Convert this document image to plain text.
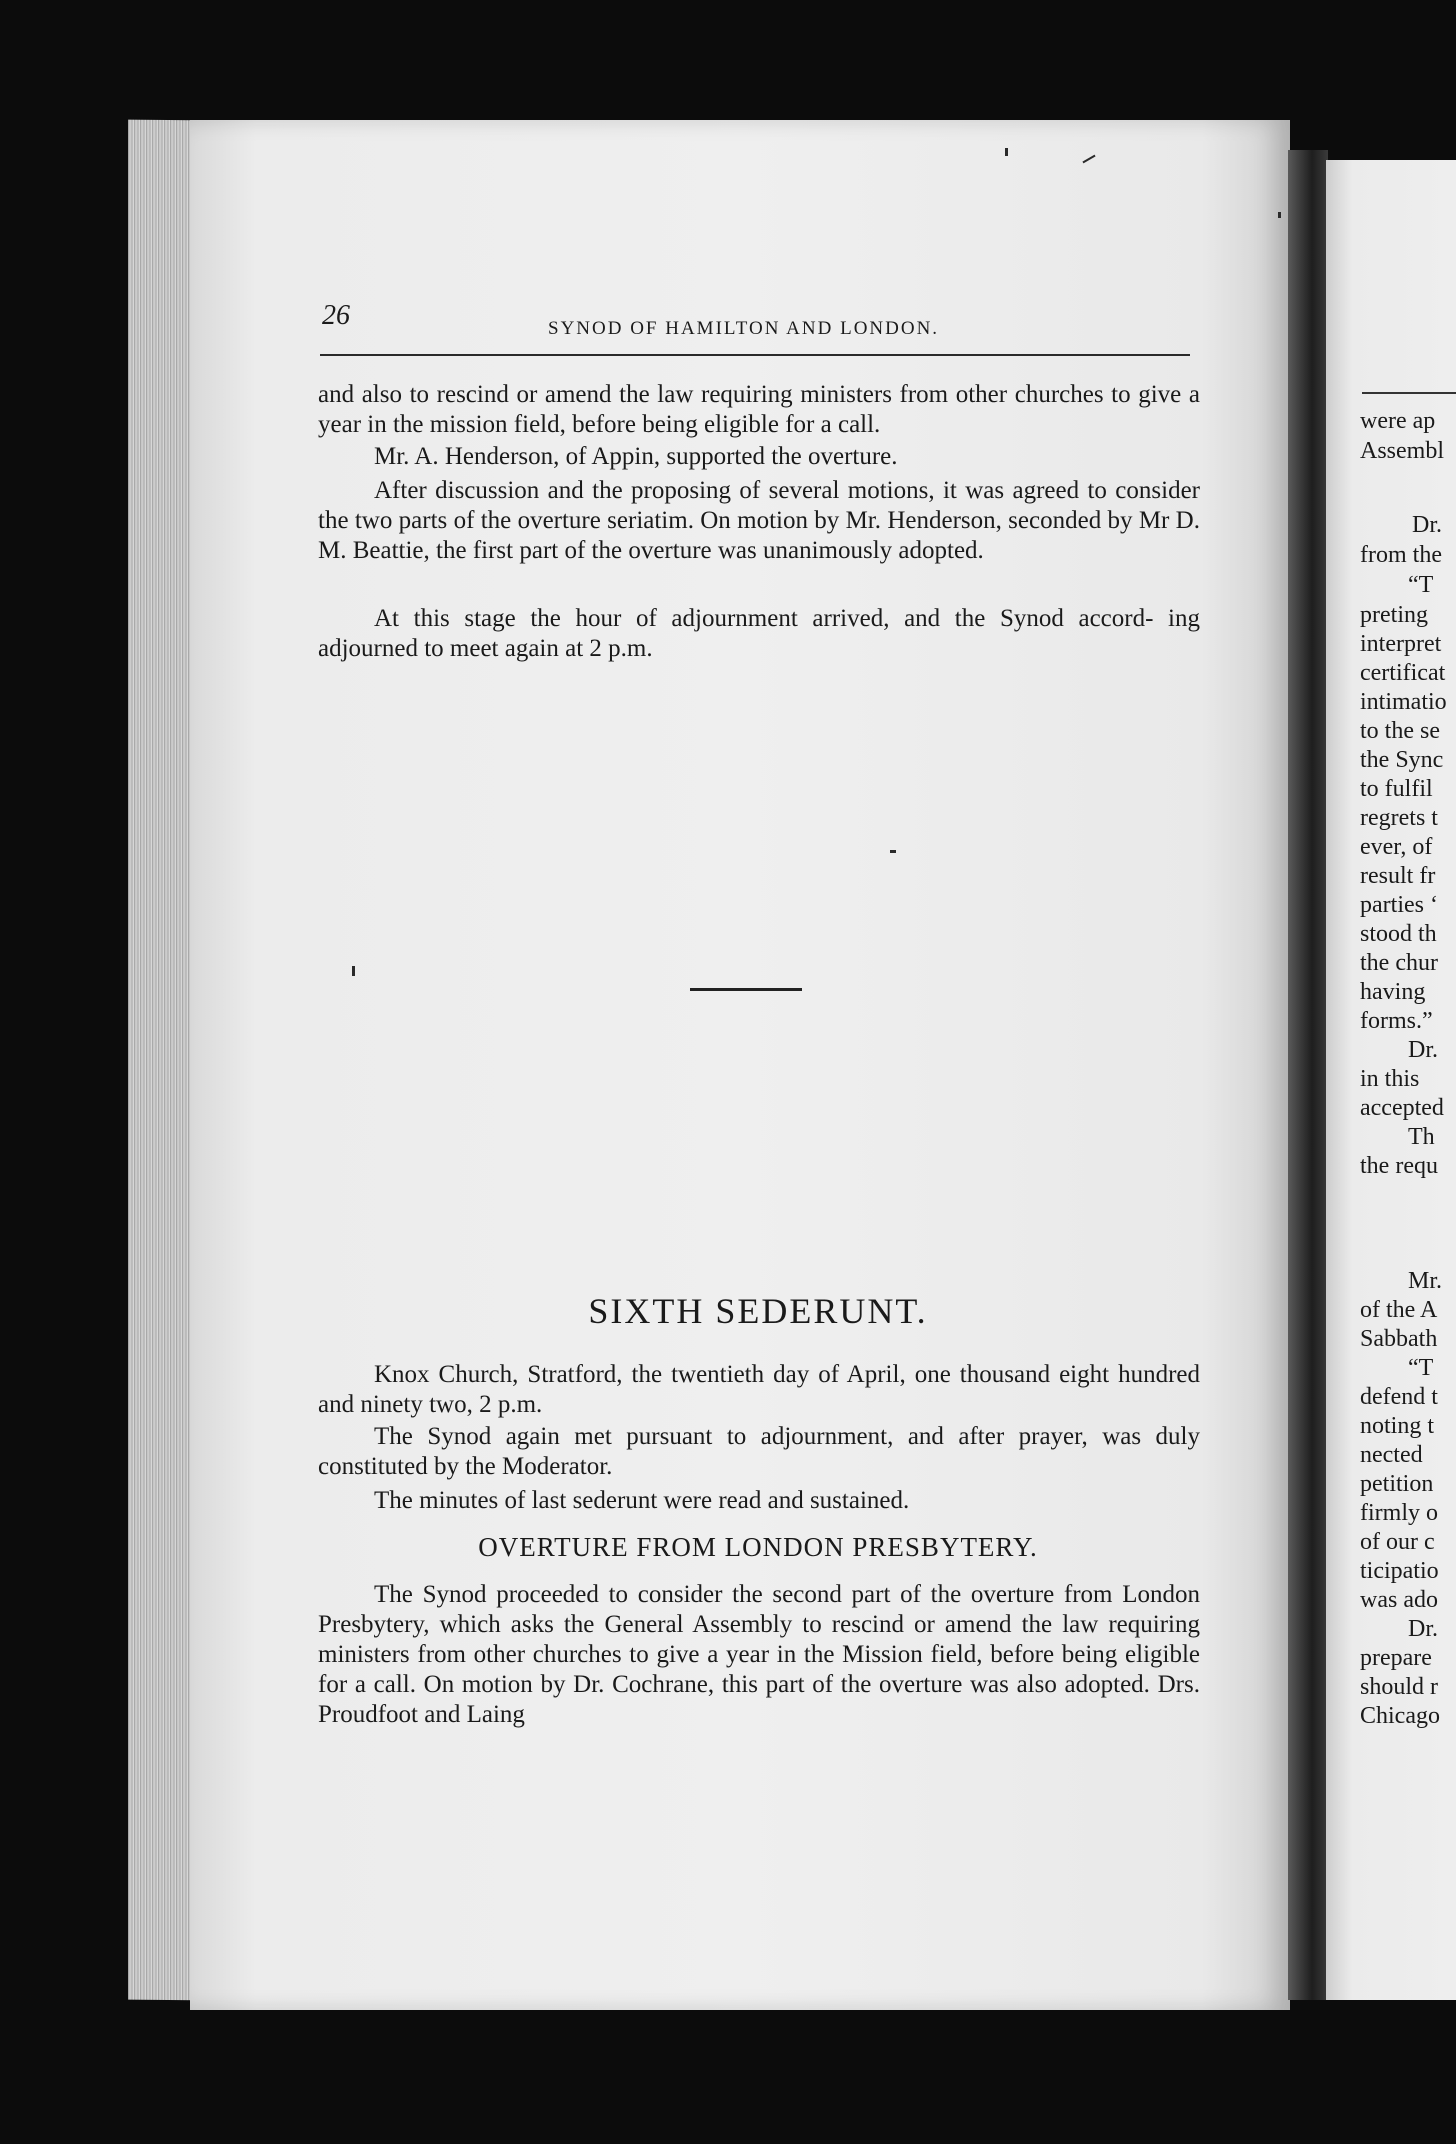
were ap
Assembl
Dr.
from the
“T
preting
interpret
certificat
intimatio
to the se
the Sync
to fulfil
regrets t
ever, of
result fr
parties ‘
stood th
the chur
having
forms.”
Dr.
in this
accepted
Th
the requ
Mr.
of the A
Sabbath
“T
defend t
noting t
nected
petition
firmly o
of our c
ticipatio
was ado
Dr.
prepare
should r
Chicago
26	SYNOD OF HAMILTON AND LONDON.

and also to rescind or amend the law requiring ministers from other churches to give a year in the mission field, before being eligible for a call.

Mr. A. Henderson, of Appin, supported the overture.

After discussion and the proposing of several motions, it was agreed to consider the two parts of the overture seriatim. On motion by Mr. Henderson, seconded by Mr D. M. Beattie, the first part of the overture was unanimously adopted.

At this stage the hour of adjournment arrived, and the Synod accord- ing adjourned to meet again at 2 p.m.

SIXTH SEDERUNT.

Knox Church, Stratford, the twentieth day of April, one thousand eight hundred and ninety two, 2 p.m.

The Synod again met pursuant to adjournment, and after prayer, was duly constituted by the Moderator.

The minutes of last sederunt were read and sustained.

OVERTURE FROM LONDON PRESBYTERY.

The Synod proceeded to consider the second part of the overture from London Presbytery, which asks the General Assembly to rescind or amend the law requiring ministers from other churches to give a year in the Mission field, before being eligible for a call. On motion by Dr. Cochrane, this part of the overture was also adopted. Drs. Proudfoot and Laing
